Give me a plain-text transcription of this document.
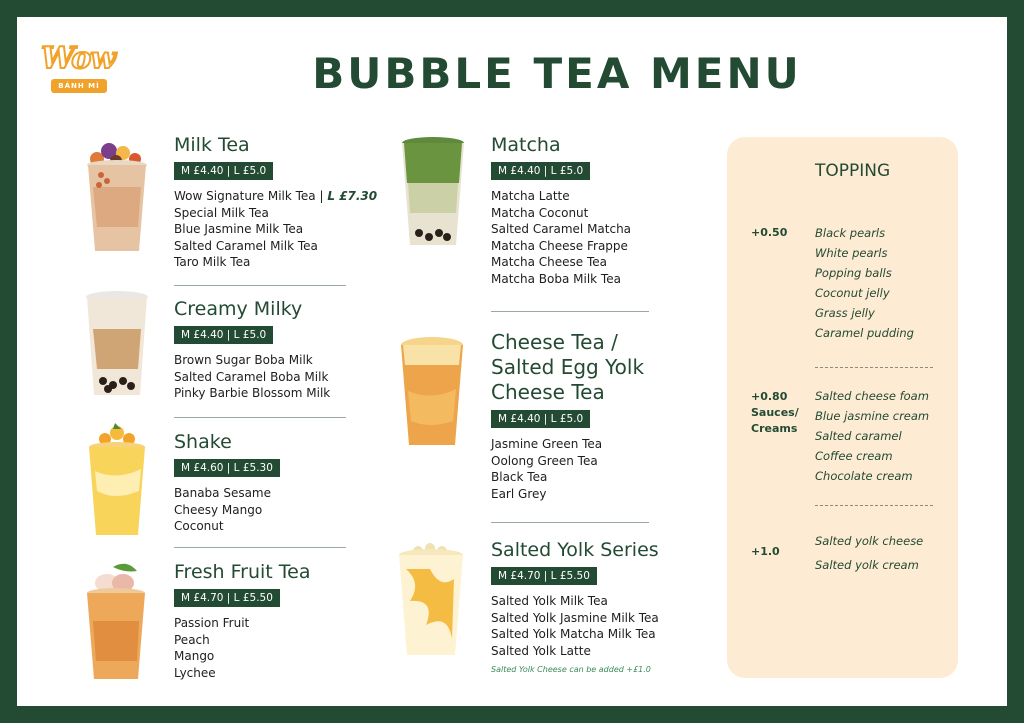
Wow
BÁNH MÌ	BUBBLE TEA MENU
Milk Tea
M £4.40 | L £5.0
Wow Signature Milk Tea | L £7.30
Special Milk Tea
Blue Jasmine Milk Tea
Salted Caramel Milk Tea
Taro Milk Tea
Creamy Milky
M £4.40 | L £5.0
Brown Sugar Boba Milk
Salted Caramel Boba Milk
Pinky Barbie Blossom Milk
Shake
M £4.60 | L £5.30
Banaba Sesame
Cheesy Mango
Coconut
Fresh Fruit Tea
M £4.70 | L £5.50
Passion Fruit
Peach
Mango
Lychee
Matcha
M £4.40 | L £5.0
Matcha Latte
Matcha Coconut
Salted Caramel Matcha
Matcha Cheese Frappe
Matcha Cheese Tea
Matcha Boba Milk Tea
Cheese Tea /
Salted Egg Yolk
Cheese Tea
M £4.40 | L £5.0
Jasmine Green Tea
Oolong Green Tea
Black Tea
Earl Grey
Salted Yolk Series
M £4.70 | L £5.50
Salted Yolk Milk Tea
Salted Yolk Jasmine Milk Tea
Salted Yolk Matcha Milk Tea
Salted Yolk Latte
Salted Yolk Cheese can be added +£1.0
TOPPING
+0.50 Black pearls
White pearls
Popping balls
Coconut jelly
Grass jelly
Caramel pudding
+0.80
Sauces/ Creams
Salted cheese foam
Blue jasmine cream
Salted caramel
Coffee cream
Chocolate cream
+1.0
Salted yolk cheese
Salted yolk cream
